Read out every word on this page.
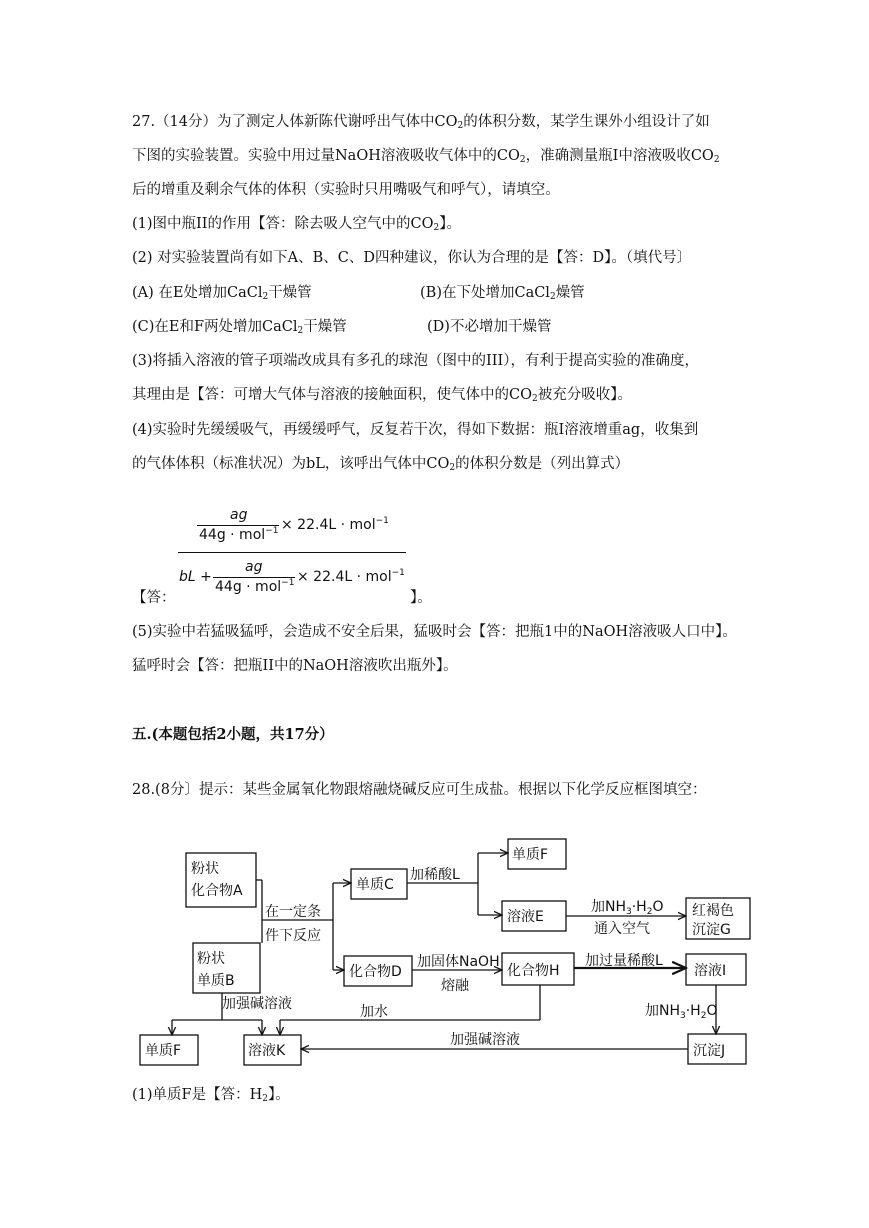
27.（14分）为了测定人体新陈代谢呼出气体中$CO_2$的体积分数，某学生课外小组设计了如
下图的实验装置。实验中用过量NaOH溶液吸收气体中的$CO_2$，准确测量瓶I中溶液吸收$CO_2$
后的增重及剩余气体的体积（实验时只用嘴吸气和呼气），请填空。
(1)图中瓶II的作用【答：除去吸人空气中的$CO_2$】。
(2) 对实验装置尚有如下A、B、C、D四种建议，你认为合理的是【答：D】。（填代号〕
(A) 在E处增加CaCl$_2$干燥管	(B)在下处增加CaCl$_2$燥管
(C)在E和F两处增加CaCl$_2$干燥管	(D)不必增加干燥管
(3)将插入溶液的管子项端改成具有多孔的球泡（图中的III），有利于提高实验的准确度，
其理由是【答：可增大气体与溶液的接触面积，使气体中的$CO_2$被充分吸收】。
(4)实验时先缓缓吸气，再缓缓呼气，反复若干次，得如下数据：瓶I溶液增重ag，收集到
的气体体积（标准状况）为bL，该呼出气体中$CO_2$的体积分数是（列出算式）
【答：
ag
44g · mol$^{-1}$ × 22.4L · mol$^{-1}$
bL +
ag
44g · mol$^{-1}$ × 22.4L · mol$^{-1}$
】。
(5)实验中若猛吸猛呼，会造成不安全后果，猛吸时会【答：把瓶1中的NaOH溶液吸人口中】。
猛呼时会【答：把瓶II中的NaOH溶液吹出瓶外】。
五.(本题包括2小题，共17分）
28.(8分〕提示：某些金属氧化物跟熔融烧碱反应可生成盐。根据以下化学反应框图填空：
粉状
化合物A
粉状
单质B
在一定条
件下反应
单质C
加稀酸L
单质F
溶液E
加$NH_3\cdot H_2O$
通入空气
红褐色
沉淀G
化合物D
加固体NaOH
熔融
化合物H
加过量稀酸L
溶液I
加强碱溶液	加水	加$NH_3\cdot H_2O$
单质F	溶液K
加强碱溶液
沉淀J
(1)单质F是【答：$H_2$】。
